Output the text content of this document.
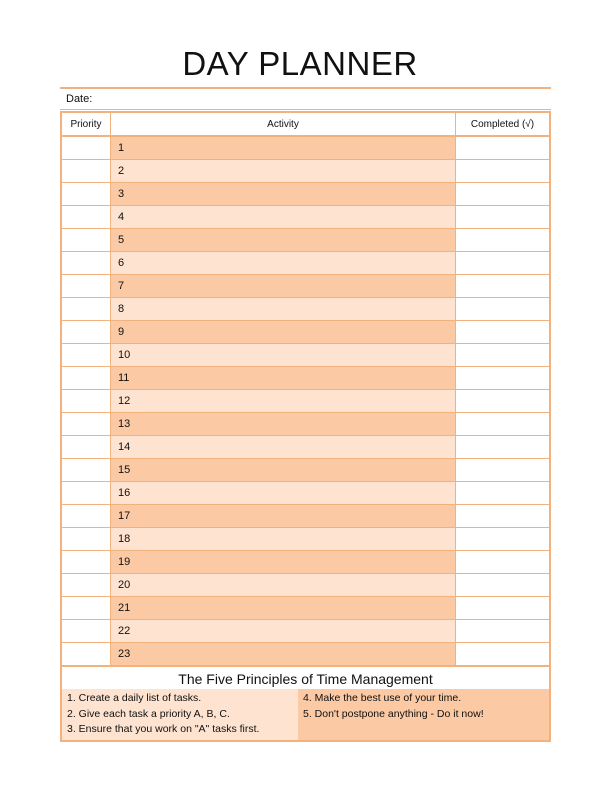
DAY PLANNER
Date:
Priority	Activity	Completed (√)
1
2
3
4
5
6
7
8
9
10
11
12
13
14
15
16
17
18
19
20
21
22
23
The Five Principles of Time Management
1. Create a daily list of tasks.
2. Give each task a priority A, B, C.
3. Ensure that you work on "A" tasks first.
4. Make the best use of your time.
5. Don't postpone anything - Do it now!
